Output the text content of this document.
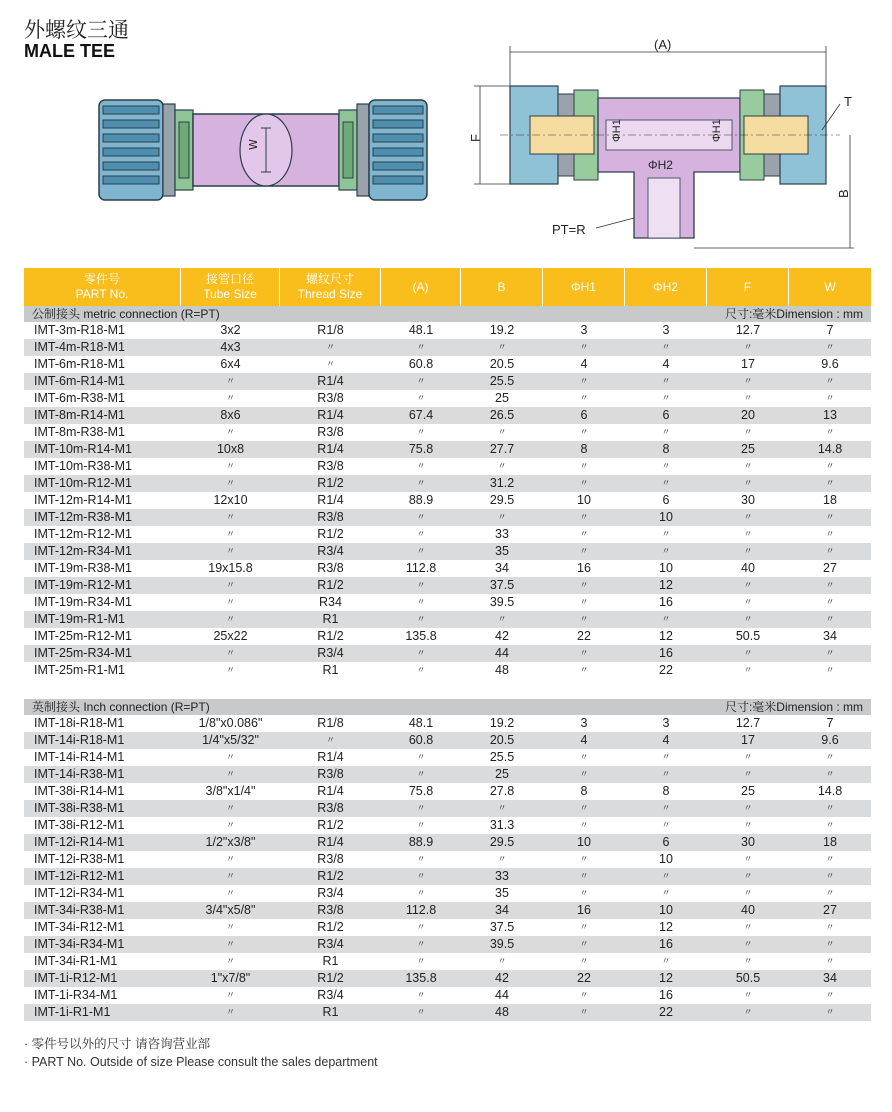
外螺纹三通
MALE TEE
W
(A)
F	ΦH1	ΦH1
ΦH2
T
B
PT=R
零件号
PART No.
接管口径
Tube Size
螺纹尺寸
Thread Size
(A)	B	ΦH1	ΦH2	F	W
公制接头 metric connection (R=PT)	尺寸:毫米Dimension : mm
IMT-3m-R18-M1	3x2	R1/8	48.1	19.2	3	3	12.7	7
IMT-4m-R18-M1	4x3	〃	〃	〃	〃	〃	〃	〃
IMT-6m-R18-M1	6x4	〃	60.8	20.5	4	4	17	9.6
IMT-6m-R14-M1	〃	R1/4	〃	25.5	〃	〃	〃	〃
IMT-6m-R38-M1	〃	R3/8	〃	25	〃	〃	〃	〃
IMT-8m-R14-M1	8x6	R1/4	67.4	26.5	6	6	20	13
IMT-8m-R38-M1	〃	R3/8	〃	〃	〃	〃	〃	〃
IMT-10m-R14-M1	10x8	R1/4	75.8	27.7	8	8	25	14.8
IMT-10m-R38-M1	〃	R3/8	〃	〃	〃	〃	〃	〃
IMT-10m-R12-M1	〃	R1/2	〃	31.2	〃	〃	〃	〃
IMT-12m-R14-M1	12x10	R1/4	88.9	29.5	10	6	30	18
IMT-12m-R38-M1	〃	R3/8	〃	〃	〃	10	〃	〃
IMT-12m-R12-M1	〃	R1/2	〃	33	〃	〃	〃	〃
IMT-12m-R34-M1	〃	R3/4	〃	35	〃	〃	〃	〃
IMT-19m-R38-M1	19x15.8	R3/8	112.8	34	16	10	40	27
IMT-19m-R12-M1	〃	R1/2	〃	37.5	〃	12	〃	〃
IMT-19m-R34-M1	〃	R34	〃	39.5	〃	16	〃	〃
IMT-19m-R1-M1	〃	R1	〃	〃	〃	〃	〃	〃
IMT-25m-R12-M1	25x22	R1/2	135.8	42	22	12	50.5	34
IMT-25m-R34-M1	〃	R3/4	〃	44	〃	16	〃	〃
IMT-25m-R1-M1	〃	R1	〃	48	〃	22	〃	〃
英制接头 Inch connection (R=PT)	尺寸:毫米Dimension : mm
IMT-18i-R18-M1	1/8"x0.086"	R1/8	48.1	19.2	3	3	12.7	7
IMT-14i-R18-M1	1/4"x5/32"	〃	60.8	20.5	4	4	17	9.6
IMT-14i-R14-M1	〃	R1/4	〃	25.5	〃	〃	〃	〃
IMT-14i-R38-M1	〃	R3/8	〃	25	〃	〃	〃	〃
IMT-38i-R14-M1	3/8"x1/4"	R1/4	75.8	27.8	8	8	25	14.8
IMT-38i-R38-M1	〃	R3/8	〃	〃	〃	〃	〃	〃
IMT-38i-R12-M1	〃	R1/2	〃	31.3	〃	〃	〃	〃
IMT-12i-R14-M1	1/2"x3/8"	R1/4	88.9	29.5	10	6	30	18
IMT-12i-R38-M1	〃	R3/8	〃	〃	〃	10	〃	〃
IMT-12i-R12-M1	〃	R1/2	〃	33	〃	〃	〃	〃
IMT-12i-R34-M1	〃	R3/4	〃	35	〃	〃	〃	〃
IMT-34i-R38-M1	3/4"x5/8"	R3/8	112.8	34	16	10	40	27
IMT-34i-R12-M1	〃	R1/2	〃	37.5	〃	12	〃	〃
IMT-34i-R34-M1	〃	R3/4	〃	39.5	〃	16	〃	〃
IMT-34i-R1-M1	〃	R1	〃	〃	〃	〃	〃	〃
IMT-1i-R12-M1	1"x7/8"	R1/2	135.8	42	22	12	50.5	34
IMT-1i-R34-M1	〃	R3/4	〃	44	〃	16	〃	〃
IMT-1i-R1-M1	〃	R1	〃	48	〃	22	〃	〃
· 零件号以外的尺寸 请咨询营业部
· PART No. Outside of size Please consult the sales department
